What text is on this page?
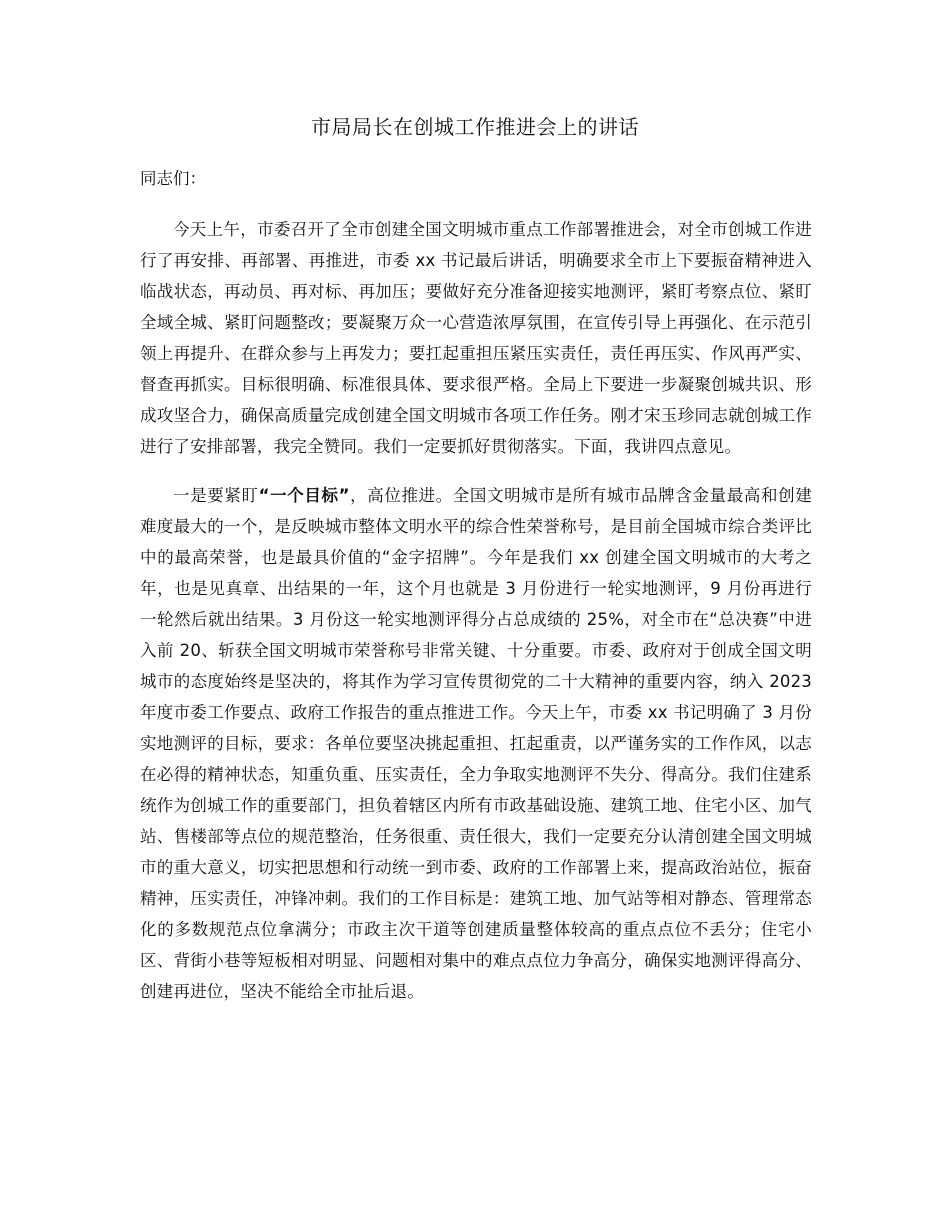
市局局长在创城工作推进会上的讲话

同志们：

今天上午，市委召开了全市创建全国文明城市重点工作部署推进会，对全市创城工作进行了再安排、再部署、再推进，市委 xx 书记最后讲话，明确要求全市上下要振奋精神进入临战状态，再动员、再对标、再加压；要做好充分准备迎接实地测评，紧盯考察点位、紧盯全域全城、紧盯问题整改；要凝聚万众一心营造浓厚氛围，在宣传引导上再强化、在示范引领上再提升、在群众参与上再发力；要扛起重担压紧压实责任，责任再压实、作风再严实、督查再抓实。目标很明确、标准很具体、要求很严格。全局上下要进一步凝聚创城共识、形成攻坚合力，确保高质量完成创建全国文明城市各项工作任务。刚才宋玉珍同志就创城工作进行了安排部署，我完全赞同。我们一定要抓好贯彻落实。下面，我讲四点意见。

一是要紧盯“一个目标”，高位推进。全国文明城市是所有城市品牌含金量最高和创建难度最大的一个，是反映城市整体文明水平的综合性荣誉称号，是目前全国城市综合类评比中的最高荣誉，也是最具价值的“金字招牌”。今年是我们 xx 创建全国文明城市的大考之年，也是见真章、出结果的一年，这个月也就是 3 月份进行一轮实地测评，9 月份再进行一轮然后就出结果。3 月份这一轮实地测评得分占总成绩的 25%，对全市在“总决赛”中进入前 20、斩获全国文明城市荣誉称号非常关键、十分重要。市委、政府对于创成全国文明城市的态度始终是坚决的，将其作为学习宣传贯彻党的二十大精神的重要内容，纳入 2023 年度市委工作要点、政府工作报告的重点推进工作。今天上午，市委 xx 书记明确了 3 月份实地测评的目标，要求：各单位要坚决挑起重担、扛起重责，以严谨务实的工作作风，以志在必得的精神状态，知重负重、压实责任，全力争取实地测评不失分、得高分。我们住建系统作为创城工作的重要部门，担负着辖区内所有市政基础设施、建筑工地、住宅小区、加气站、售楼部等点位的规范整治，任务很重、责任很大，我们一定要充分认清创建全国文明城市的重大意义，切实把思想和行动统一到市委、政府的工作部署上来，提高政治站位，振奋精神，压实责任，冲锋冲刺。我们的工作目标是：建筑工地、加气站等相对静态、管理常态化的多数规范点位拿满分；市政主次干道等创建质量整体较高的重点点位不丢分；住宅小区、背街小巷等短板相对明显、问题相对集中的难点点位力争高分，确保实地测评得高分、创建再进位，坚决不能给全市扯后退。
